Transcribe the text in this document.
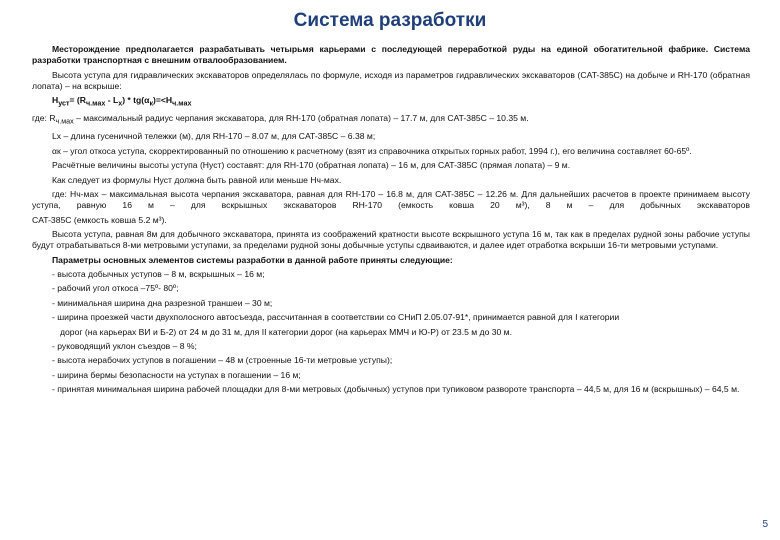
Система разработки

Месторождение предполагается разрабатывать четырьмя карьерами с последующей переработкой руды на единой обогатительной фабрике. Система разработки транспортная с внешним отвалообразованием.

Высота уступа для гидравлических экскаваторов определялась по формуле, исходя из параметров гидравлических экскаваторов (CAT-385C) на добыче и RH-170 (обратная лопата) – на вскрыше:

$Н_{уст}= (R_{ч.мах} - L_х) * tg(\alpha_к)=<Н_{ч.мах}$

где: $R_{ч.мах}$ – максимальный радиус черпания экскаватора, для RH-170 (обратная лопата) – 17.7 м, для CAT-385C – 10.35 м.

Lх – длина гусеничной тележки (м), для RH-170 – 8.07 м, для CAT-385C – 6.38 м;

αк – угол откоса уступа, скорректированный по отношению к расчетному (взят из справочника открытых горных работ, 1994 г.), его величина составляет 60-65º.

Расчётные величины высоты уступа (Нуст) составят: для RH-170 (обратная лопата) – 16 м, для CAT-385C (прямая лопата) – 9 м.

Как следует из формулы Нуст должна быть равной или меньше Нч-мах.

где: Нч-мах – максимальная высота черпания экскаватора, равная для RH-170 – 16.8 м, для CAT-385C – 12.26 м. Для дальнейших расчетов в проекте принимаем высоту уступа, равную 16 м – для вскрышных экскаваторов RH-170 (емкость ковша 20 м³), 8 м – для добычных экскаваторов

CAT-385C (емкость ковша 5.2 м³).

Высота уступа, равная 8м для добычного экскаватора, принята из соображений кратности высоте вскрышного уступа 16 м, так как в пределах рудной зоны рабочие уступы будут отрабатываться 8-ми метровыми уступами, за пределами рудной зоны добычные уступы сдваиваются, и далее идет отработка вскрыши 16-ти метровыми уступами.

Параметры основных элементов системы разработки в данной работе приняты следующие:

- высота добычных уступов – 8 м, вскрышных – 16 м;

- рабочий угол откоса –75º- 80º;

- минимальная ширина дна разрезной траншеи – 30 м;

- ширина проезжей части двухполосного автосъезда, рассчитанная в соответствии со СНиП 2.05.07-91*, принимается равной для I категории

дорог (на карьерах ВИ и Б-2) от 24 м до 31 м, для II категории дорог (на карьерах ММЧ и Ю-Р) от 23.5 м до 30 м.

- руководящий уклон съездов – 8 %;

- высота нерабочих уступов в погашении – 48 м (строенные 16-ти метровые уступы);

- ширина бермы безопасности на уступах в погашении – 16 м;

- принятая минимальная ширина рабочей площадки для 8-ми метровых (добычных) уступов при тупиковом развороте транспорта – 44,5 м, для 16 м (вскрышных) – 64,5 м.

5
